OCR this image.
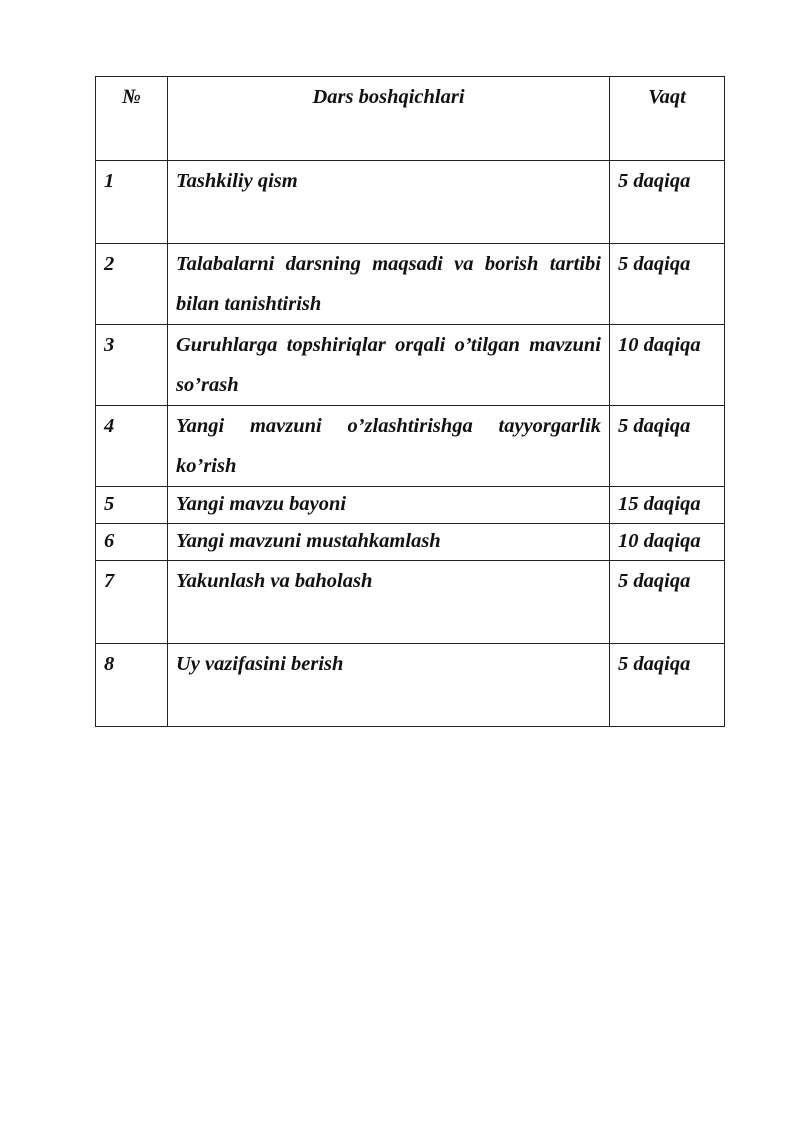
№	Dars boshqichlari	Vaqt
1	Tashkiliy qism	5 daqiqa
2	Talabalarni darsning maqsadi va borish tartibi bilan tanishtirish	5 daqiqa
3	Guruhlarga topshiriqlar orqali o’tilgan mavzuni so’rash	10 daqiqa
4	Yangi mavzuni o’zlashtirishga tayyorgarlik ko’rish	5 daqiqa
5	Yangi mavzu bayoni	15 daqiqa
6	Yangi mavzuni mustahkamlash	10 daqiqa
7	Yakunlash va baholash	5 daqiqa
8	Uy vazifasini berish	5 daqiqa
